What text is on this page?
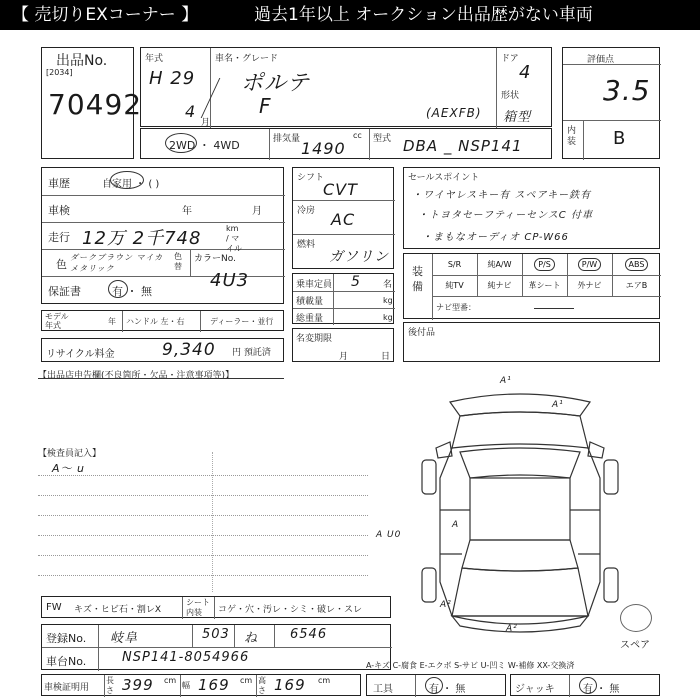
【 売切りEXコーナー 】	過去1年以上 オークション出品歴がない車両
出品No.
[2034]
70492
年式
H 29
4
月
車名・グレード
ポルテ
F	(AEXFB)
ドア
4
形状
箱型
評価点
3.5
内装 B
2WD ・ 4WD	排気量	cc
1490	型式 DBA _ NSP141
車歴	自家用 ・ ( )
車検	年	月
走行 12万 2千748	km / マイル
色
ダークブラウン マイカメタリック
色替
カラーNo.
4U3
保証書	有 ・ 無
モデル年式	年 ハンドル 左・右	ディーラー・並行
リサイクル料金	9,340 円 預託済
シフト
CVT
冷房 AC
燃料
ガソリン
乗車定員 5 名
積載量	kg
総重量	kg
名変期限
月	日
セールスポイント
・ワイヤレスキー有 スペアキー鉄有
・トヨタセーフティーセンスC 付車
・まもなオーディオ CP-W66
装備
S/R	純A/W	P/S	P/W	ABS
純TV	純ナビ	革シート	外ナビ	エアB
ナビ型番：
後付品
【出品店申告欄(不良箇所・欠品・注意事項等)】
【検査員記入】
A～ u
A U0
A¹
A¹
A²
A²
A
スペア
FW キズ・ヒビ石・割レX
シート内装	コゲ・穴・汚レ・シミ・破レ・スレ
登録No. 岐阜	503 ね 6546
車台No.	NSP141-8054966
A-キズ C-腐食 E-エクボ S-サビ U-凹ミ W-補修 XX-交換済
車検証明用
長さ 399 cm
幅 169 cm 高さ 169 cm
工具	有 ・ 無	ジャッキ	有 ・ 無
